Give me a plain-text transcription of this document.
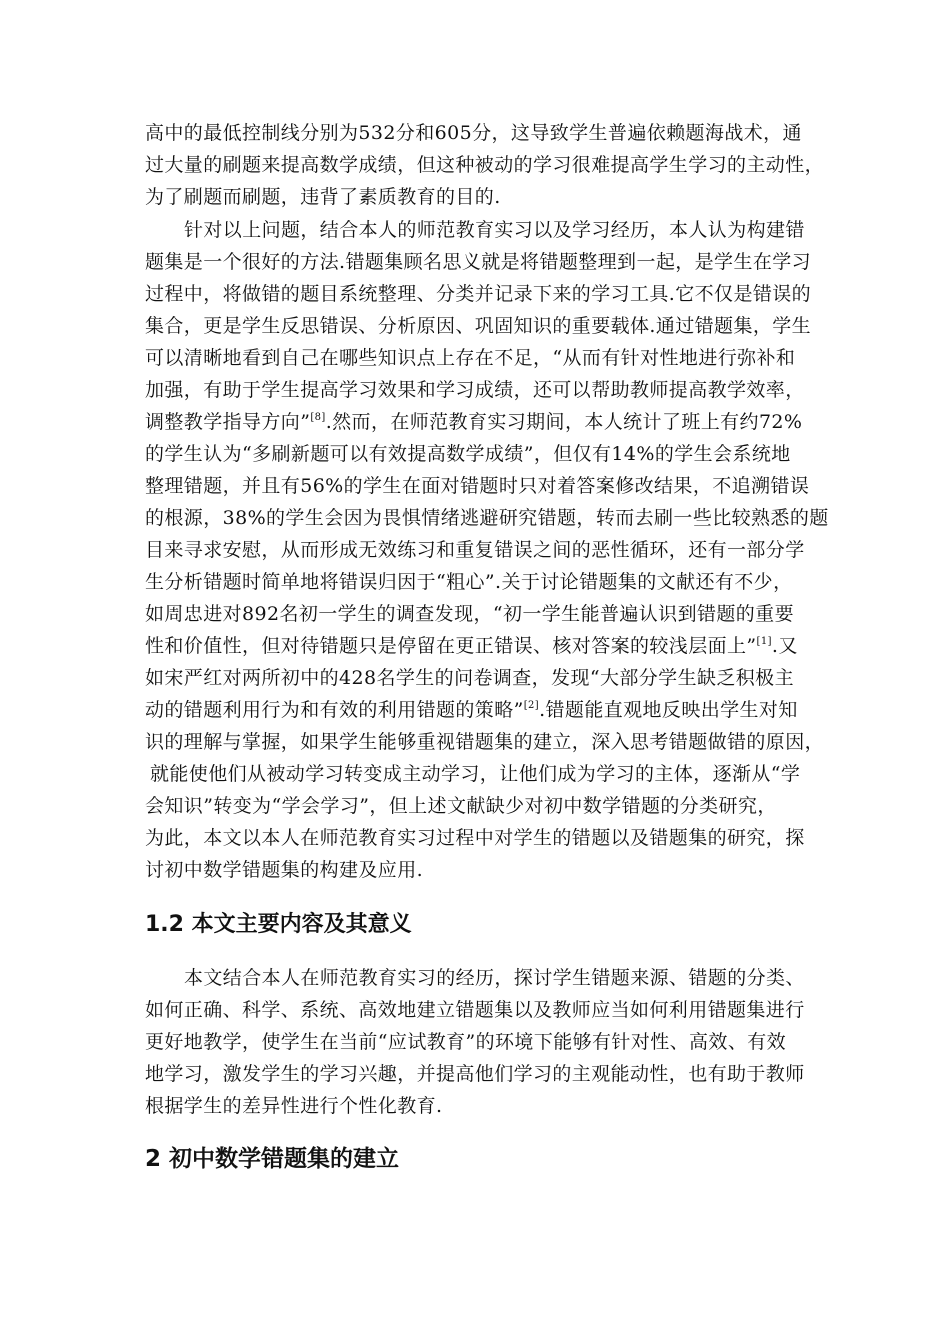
高中的最低控制线分别为532分和605分，这导致学生普遍依赖题海战术，通
过大量的刷题来提高数学成绩，但这种被动的学习很难提高学生学习的主动性，
为了刷题而刷题，违背了素质教育的目的.
针对以上问题，结合本人的师范教育实习以及学习经历，本人认为构建错
题集是一个很好的方法.错题集顾名思义就是将错题整理到一起，是学生在学习
过程中，将做错的题目系统整理、分类并记录下来的学习工具.它不仅是错误的
集合，更是学生反思错误、分析原因、巩固知识的重要载体.通过错题集，学生
可以清晰地看到自己在哪些知识点上存在不足，“从而有针对性地进行弥补和
加强，有助于学生提高学习效果和学习成绩，还可以帮助教师提高教学效率，
调整教学指导方向”[8].然而，在师范教育实习期间，本人统计了班上有约72%
的学生认为“多刷新题可以有效提高数学成绩”，但仅有14%的学生会系统地
整理错题，并且有56%的学生在面对错题时只对着答案修改结果，不追溯错误
的根源，38%的学生会因为畏惧情绪逃避研究错题，转而去刷一些比较熟悉的题
目来寻求安慰，从而形成无效练习和重复错误之间的恶性循环，还有一部分学
生分析错题时简单地将错误归因于“粗心”.关于讨论错题集的文献还有不少，
如周忠进对892名初一学生的调查发现，“初一学生能普遍认识到错题的重要
性和价值性，但对待错题只是停留在更正错误、核对答案的较浅层面上”[1].又
如宋严红对两所初中的428名学生的问卷调查，发现“大部分学生缺乏积极主
动的错题利用行为和有效的利用错题的策略”[2].错题能直观地反映出学生对知
识的理解与掌握，如果学生能够重视错题集的建立，深入思考错题做错的原因，
就能使他们从被动学习转变成主动学习，让他们成为学习的主体，逐渐从“学
会知识”转变为“学会学习”，但上述文献缺少对初中数学错题的分类研究，
为此，本文以本人在师范教育实习过程中对学生的错题以及错题集的研究，探
讨初中数学错题集的构建及应用.
1.2 本文主要内容及其意义
本文结合本人在师范教育实习的经历，探讨学生错题来源、错题的分类、
如何正确、科学、系统、高效地建立错题集以及教师应当如何利用错题集进行
更好地教学，使学生在当前“应试教育”的环境下能够有针对性、高效、有效
地学习，激发学生的学习兴趣，并提高他们学习的主观能动性，也有助于教师
根据学生的差异性进行个性化教育.
2 初中数学错题集的建立
